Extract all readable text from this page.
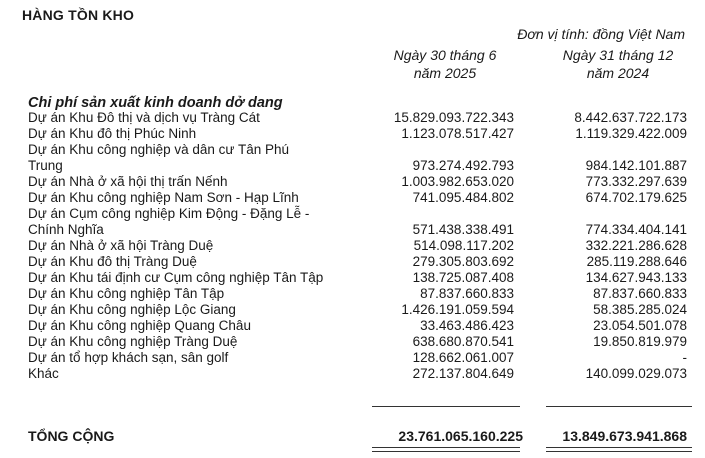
HÀNG TỒN KHO
Đơn vị tính: đồng Việt Nam
Ngày 30 tháng 6
năm 2025
Ngày 31 tháng 12
năm 2024
Chi phí sản xuất kinh doanh dở dang
Dự án Khu Đô thị và dịch vụ Tràng Cát	15.829.093.722.343	8.442.637.722.173
Dự án Khu đô thị Phúc Ninh	1.123.078.517.427	1.119.329.422.009
Dự án Khu công nghiệp và dân cư Tân Phú
Trung	973.274.492.793	984.142.101.887
Dự án Nhà ở xã hội thị trấn Nếnh	1.003.982.653.020	773.332.297.639
Dự án Khu công nghiệp Nam Sơn - Hạp Lĩnh	741.095.484.802	674.702.179.625
Dự án Cụm công nghiệp Kim Động - Đặng Lễ -
Chính Nghĩa	571.438.338.491	774.334.404.141
Dự án Nhà ở xã hội Tràng Duệ	514.098.117.202	332.221.286.628
Dự án Khu đô thị Tràng Duệ	279.305.803.692	285.119.288.646
Dự án Khu tái định cư Cụm công nghiệp Tân Tập	138.725.087.408	134.627.943.133
Dự án Khu công nghiệp Tân Tập	87.837.660.833	87.837.660.833
Dự án Khu công nghiệp Lộc Giang	1.426.191.059.594	58.385.285.024
Dự án Khu công nghiệp Quang Châu	33.463.486.423	23.054.501.078
Dự án Khu công nghiệp Tràng Duệ	638.680.870.541	19.850.819.979
Dự án tổ hợp khách sạn, sân golf	128.662.061.007	-
Khác	272.137.804.649	140.099.029.073
TỔNG CỘNG	23.761.065.160.225	13.849.673.941.868
